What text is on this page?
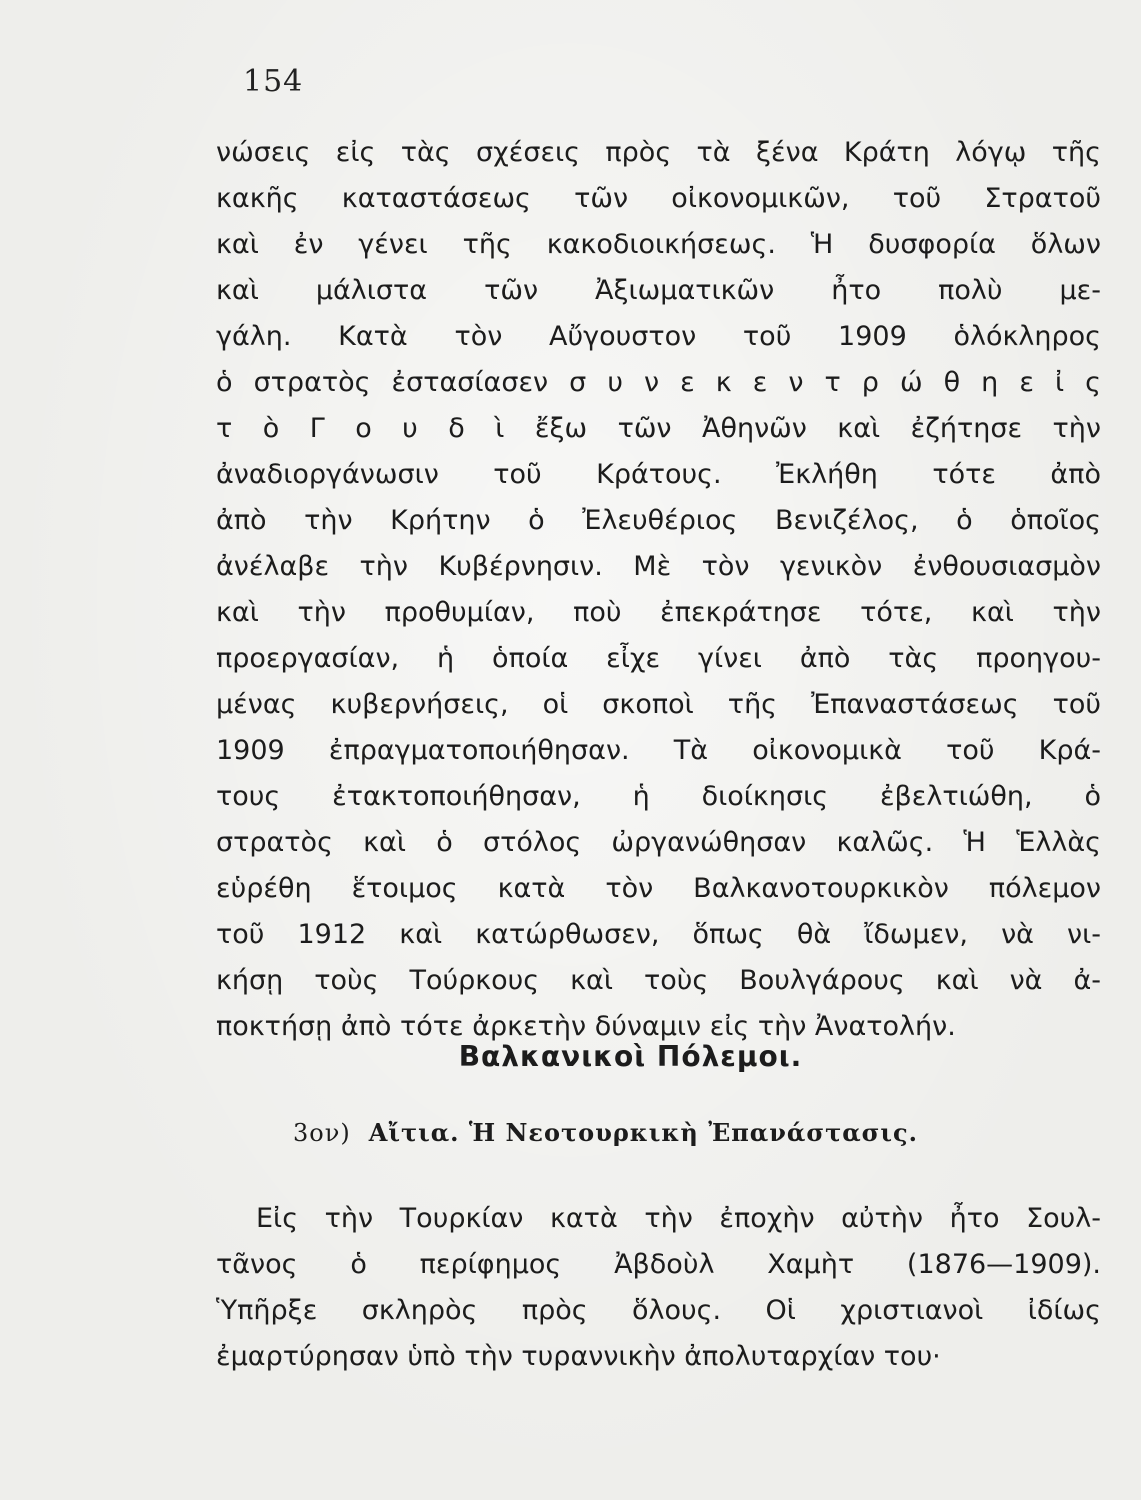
154
νώσεις εἰς τὰς σχέσεις πρὸς τὰ ξένα Κράτη λόγῳ τῆς
κακῆς καταστάσεως τῶν οἰκονομικῶν, τοῦ Στρατοῦ
καὶ ἐν γένει τῆς κακοδιοικήσεως. Ἡ δυσφορία ὅλων
καὶ μάλιστα τῶν Ἀξιωματικῶν ἦτο πολὺ με-
γάλη. Κατὰ τὸν Αὔγουστον τοῦ 1909 ὁλόκληρος
ὁ στρατὸς ἐστασίασεν σ υ ν ε κ ε ν τ ρ ώ θ η ε ἰ ς
τ ὸ Γ ο υ δ ὶ ἔξω τῶν Ἀθηνῶν καὶ ἐζήτησε τὴν
ἀναδιοργάνωσιν τοῦ Κράτους. Ἐκλήθη τότε ἀπὸ
ἀπὸ τὴν Κρήτην ὁ Ἐλευθέριος Βενιζέλος, ὁ ὁποῖος
ἀνέλαβε τὴν Κυβέρνησιν. Μὲ τὸν γενικὸν ἐνθουσιασμὸν
καὶ τὴν προθυμίαν, ποὺ ἐπεκράτησε τότε, καὶ τὴν
προεργασίαν, ἡ ὁποία εἶχε γίνει ἀπὸ τὰς προηγου-
μένας κυβερνήσεις, οἱ σκοποὶ τῆς Ἐπαναστάσεως τοῦ
1909 ἐπραγματοποιήθησαν. Τὰ οἰκονομικὰ τοῦ Κρά-
τους ἐτακτοποιήθησαν, ἡ διοίκησις ἐβελτιώθη, ὁ
στρατὸς καὶ ὁ στόλος ὠργανώθησαν καλῶς. Ἡ Ἑλλὰς
εὑρέθη ἕτοιμος κατὰ τὸν Βαλκανοτουρκικὸν πόλεμον
τοῦ 1912 καὶ κατώρθωσεν, ὅπως θὰ ἴδωμεν, νὰ νι-
κήσῃ τοὺς Τούρκους καὶ τοὺς Βουλγάρους καὶ νὰ ἀ-
ποκτήσῃ ἀπὸ τότε ἀρκετὴν δύναμιν εἰς τὴν Ἀνατολήν.
Βαλκανικοὶ Πόλεμοι.
3ον) Αἴτια. Ἡ Νεοτουρκικὴ Ἐπανάστασις.
Εἰς τὴν Τουρκίαν κατὰ τὴν ἐποχὴν αὐτὴν ἦτο Σουλ-
τᾶνος ὁ περίφημος Ἀβδοὺλ Χαμὴτ (1876—1909).
Ὑπῆρξε σκληρὸς πρὸς ὅλους. Οἱ χριστιανοὶ ἰδίως
ἐμαρτύρησαν ὑπὸ τὴν τυραννικὴν ἀπολυταρχίαν του·
